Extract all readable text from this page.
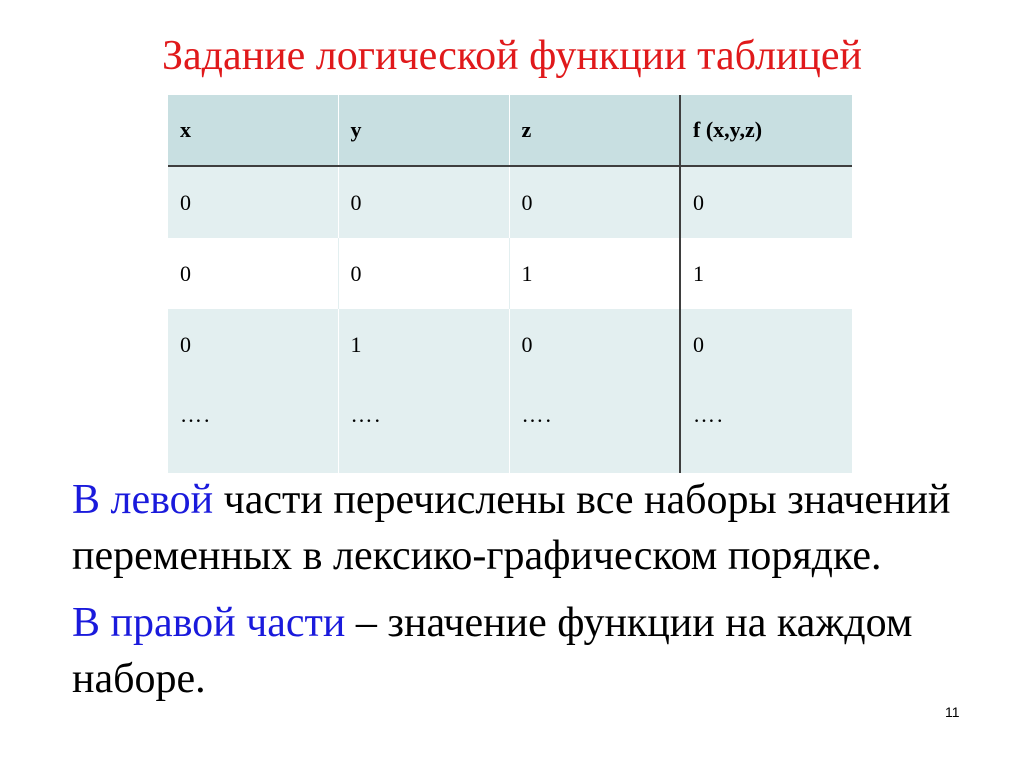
Задание логической функции таблицей
x	y	z	f (x,y,z)
0	0	0	0
0	0	1	1
0	1	0	0
….	….	….	….
В левой части перечислены все наборы значений переменных в лексико-графическом порядке.
В правой части – значение функции на каждом наборе.
11
